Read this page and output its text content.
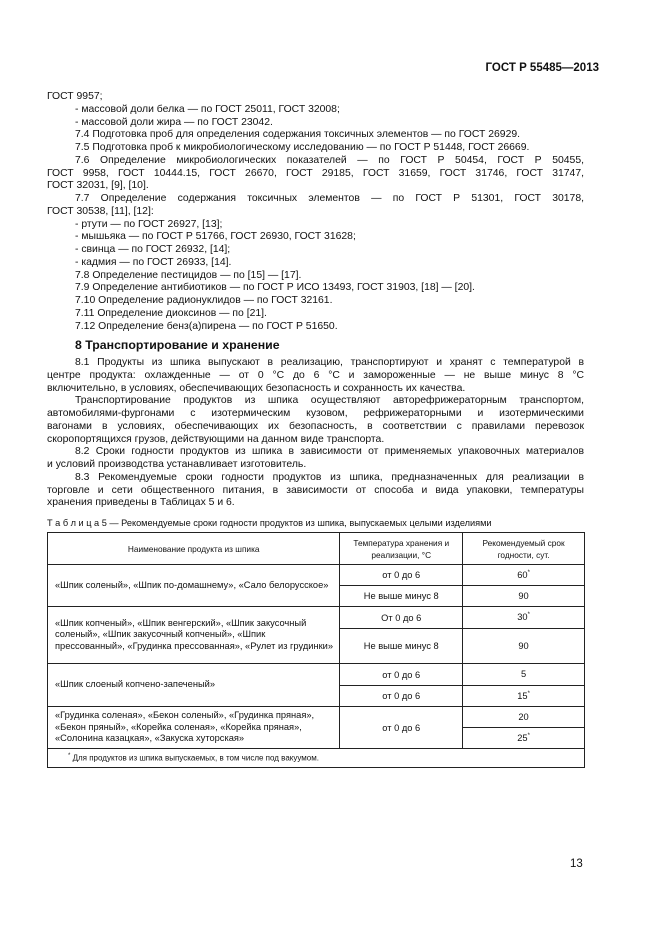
ГОСТ Р 55485—2013
ГОСТ 9957;
- массовой доли белка — по ГОСТ 25011, ГОСТ 32008;
- массовой доли жира — по ГОСТ 23042.
7.4 Подготовка проб для определения содержания токсичных элементов — по ГОСТ 26929.
7.5 Подготовка проб к микробиологическому исследованию — по ГОСТ Р 51448, ГОСТ 26669.
7.6 Определение микробиологических показателей — по ГОСТ Р 50454, ГОСТ Р 50455,
ГОСТ 9958, ГОСТ 10444.15, ГОСТ 26670, ГОСТ 29185, ГОСТ 31659, ГОСТ 31746, ГОСТ 31747,
ГОСТ 32031, [9], [10].
7.7 Определение содержания токсичных элементов — по ГОСТ Р 51301, ГОСТ 30178,
ГОСТ 30538, [11], [12]:
- ртути — по ГОСТ 26927, [13];
- мышьяка — по ГОСТ Р 51766, ГОСТ 26930, ГОСТ 31628;
- свинца — по ГОСТ 26932, [14];
- кадмия — по ГОСТ 26933, [14].
7.8 Определение пестицидов — по [15] — [17].
7.9 Определение антибиотиков — по ГОСТ Р ИСО 13493, ГОСТ 31903, [18] — [20].
7.10 Определение радионуклидов — по ГОСТ 32161.
7.11 Определение диоксинов — по [21].
7.12 Определение бенз(а)пирена — по ГОСТ Р 51650.
8 Транспортирование и хранение
8.1 Продукты из шпика выпускают в реализацию, транспортируют и хранят с температурой в
центре продукта: охлажденные — от 0 °С до 6 °С и замороженные — не выше минус 8 °С
включительно, в условиях, обеспечивающих безопасность и сохранность их качества.
Транспортирование продуктов из шпика осуществляют авторефрижераторным транспортом,
автомобилями-фургонами с изотермическим кузовом, рефрижераторными и изотермическими
вагонами в условиях, обеспечивающих их безопасность, в соответствии с правилами перевозок
скоропортящихся грузов, действующими на данном виде транспорта.
8.2 Сроки годности продуктов из шпика в зависимости от применяемых упаковочных материалов
и условий производства устанавливает изготовитель.
8.3 Рекомендуемые сроки годности продуктов из шпика, предназначенных для реализации в
торговле и сети общественного питания, в зависимости от способа и вида упаковки, температуры
хранения приведены в Таблицах 5 и 6.
Т а б л и ц а 5 — Рекомендуемые сроки годности продуктов из шпика, выпускаемых целыми изделиями
Наименование продукта из шпика	Температура хранения и реализации, °С	Рекомендуемый срок годности, сут.
«Шпик соленый», «Шпик по-домашнему», «Сало белорусское»	от 0 до 6	60*
	Не выше минус 8	90
«Шпик копченый», «Шпик венгерский», «Шпик закусочный соленый», «Шпик закусочный копченый», «Шпик прессованный», «Грудинка прессованная», «Рулет из грудинки»	От 0 до 6	30*
	Не выше минус 8	90
«Шпик слоеный копчено-запеченый»	от 0 до 6	5
	от 0 до 6	15*
«Грудинка соленая», «Бекон соленый», «Грудинка пряная», «Бекон пряный», «Корейка соленая», «Корейка пряная», «Солонина казацкая», «Закуска хуторская»	от 0 до 6	20
		25*
* Для продуктов из шпика выпускаемых, в том числе под вакуумом.		
13
